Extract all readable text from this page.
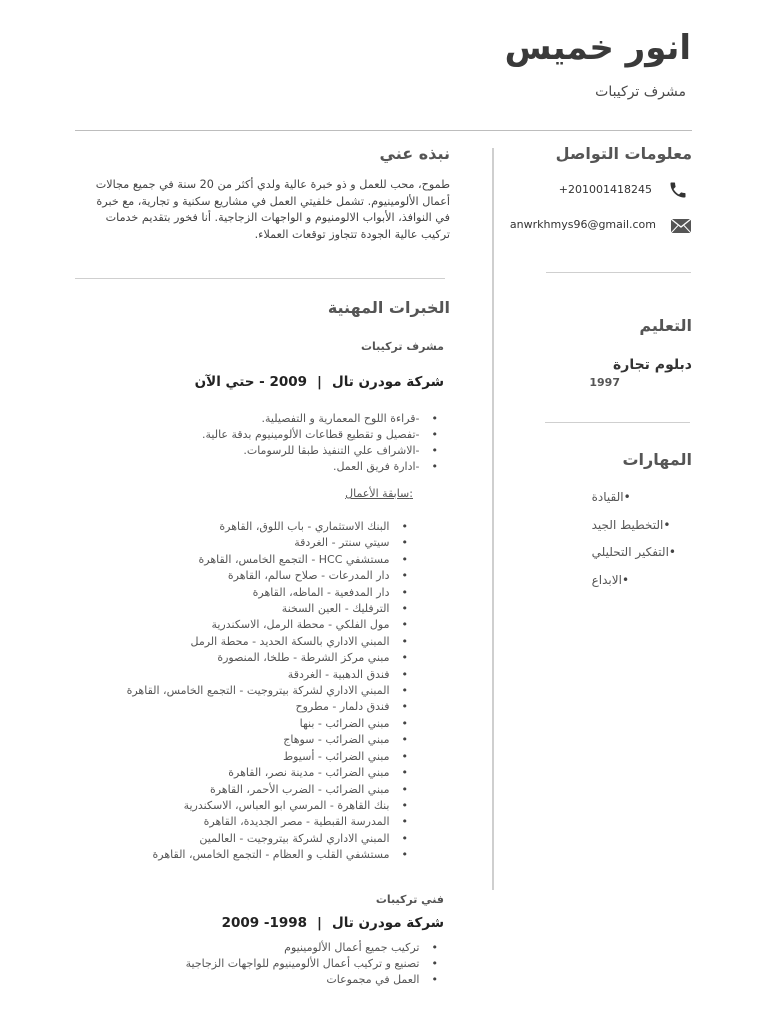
انور خميس
مشرف تركيبات
معلومات التواصل
+201001418245
anwrkhmys96@gmail.com
التعليم
دبلوم تجارة
1997
المهارات
القيادة •
التخطيط الجيد •
التفكير التحليلي •
الابداع •
نبذه عني
طموح، محب للعمل و ذو خبرة عالية ولدي أكثر من 20 سنة في جميع مجالات أعمال الألومينيوم. تشمل خلفيتي العمل في مشاريع سكنية و تجارية، مع خبرة في النوافذ، الأبواب الالومنيوم و الواجهات الزجاجية. أنا فخور بتقديم خدمات تركيب عالية الجودة تتجاوز توقعات العملاء.
الخبرات المهنية
مشرف تركيبات
شركة مودرن تال|2009 - حتي الآن
• -قراءة اللوح المعمارية و التفصيلية.
• -تفصيل و تقطيع قطاعات الألومينيوم بدقة عالية.
• -الاشراف علي التنفيذ طبقا للرسومات.
• -ادارة فريق العمل.
سابقة الأعمال:
• البنك الاستثماري - باب اللوق، القاهرة
• سيتي سنتر - الغردقة
• مستشفي HCC - التجمع الخامس، القاهرة
• دار المدرعات - صلاح سالم، القاهرة
• دار المدفعية - الماظه، القاهرة
• الترفليك - العين السخنة
• مول الفلكي - محطة الرمل، الاسكندرية
• المبني الاداري بالسكة الحديد - محطة الرمل
• مبني مركز الشرطة - طلخا، المنصورة
• فندق الدهبية - الغردقة
• المبني الاداري لشركة بيتروجيت - التجمع الخامس، القاهرة
• فندق دلمار - مطروح
• مبني الضرائب - بنها
• مبني الضرائب - سوهاج
• مبني الضرائب - أسيوط
• مبني الضرائب - مدينة نصر، القاهرة
• مبني الضرائب - الضرب الأحمر، القاهرة
• بنك القاهرة - المرسي ابو العباس، الاسكندرية
• المدرسة القبطية - مصر الجديدة، القاهرة
• المبني الاداري لشركة بيتروجيت - العالمين
• مستشفي القلب و العظام - التجمع الخامس، القاهرة
فني تركيبات
شركة مودرن تال|1998- 2009
• تركيب جميع أعمال الألومينيوم
• تصنيع و تركيب أعمال الألومينيوم للواجهات الزجاجية
• العمل في مجموعات
